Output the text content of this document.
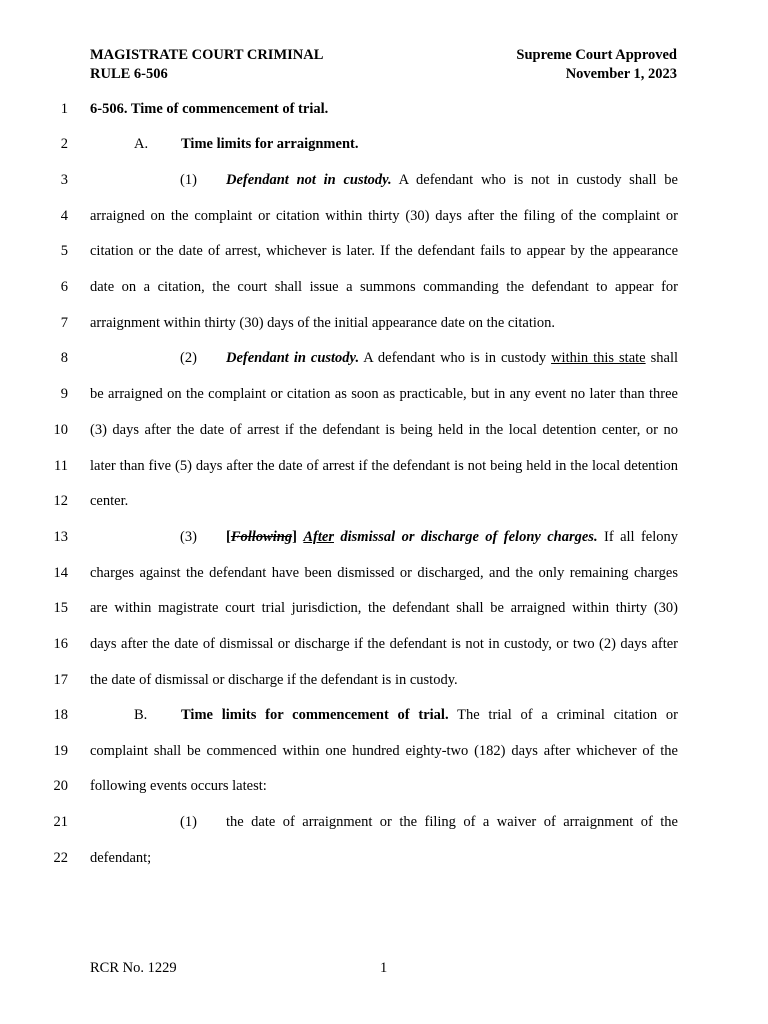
MAGISTRATE COURT CRIMINAL
RULE 6-506
Supreme Court Approved
November 1, 2023
1 6-506. Time of commencement of trial.
2	A. Time limits for arraignment.
3	(1) Defendant not in custody. A defendant who is not in custody shall be
4 arraigned on the complaint or citation within thirty (30) days after the filing of the complaint or
5 citation or the date of arrest, whichever is later. If the defendant fails to appear by the appearance
6 date on a citation, the court shall issue a summons commanding the defendant to appear for
7 arraignment within thirty (30) days of the initial appearance date on the citation.
8	(2) Defendant in custody. A defendant who is in custody within this state shall
9 be arraigned on the complaint or citation as soon as practicable, but in any event no later than three
10 (3) days after the date of arrest if the defendant is being held in the local detention center, or no
11 later than five (5) days after the date of arrest if the defendant is not being held in the local detention
12 center.
13	(3) [Following] After dismissal or discharge of felony charges. If all felony
14 charges against the defendant have been dismissed or discharged, and the only remaining charges
15 are within magistrate court trial jurisdiction, the defendant shall be arraigned within thirty (30)
16 days after the date of dismissal or discharge if the defendant is not in custody, or two (2) days after
17 the date of dismissal or discharge if the defendant is in custody.
18	B. Time limits for commencement of trial. The trial of a criminal citation or
19 complaint shall be commenced within one hundred eighty-two (182) days after whichever of the
20 following events occurs latest:
21	(1) the date of arraignment or the filing of a waiver of arraignment of the
22 defendant;
RCR No. 1229	1
